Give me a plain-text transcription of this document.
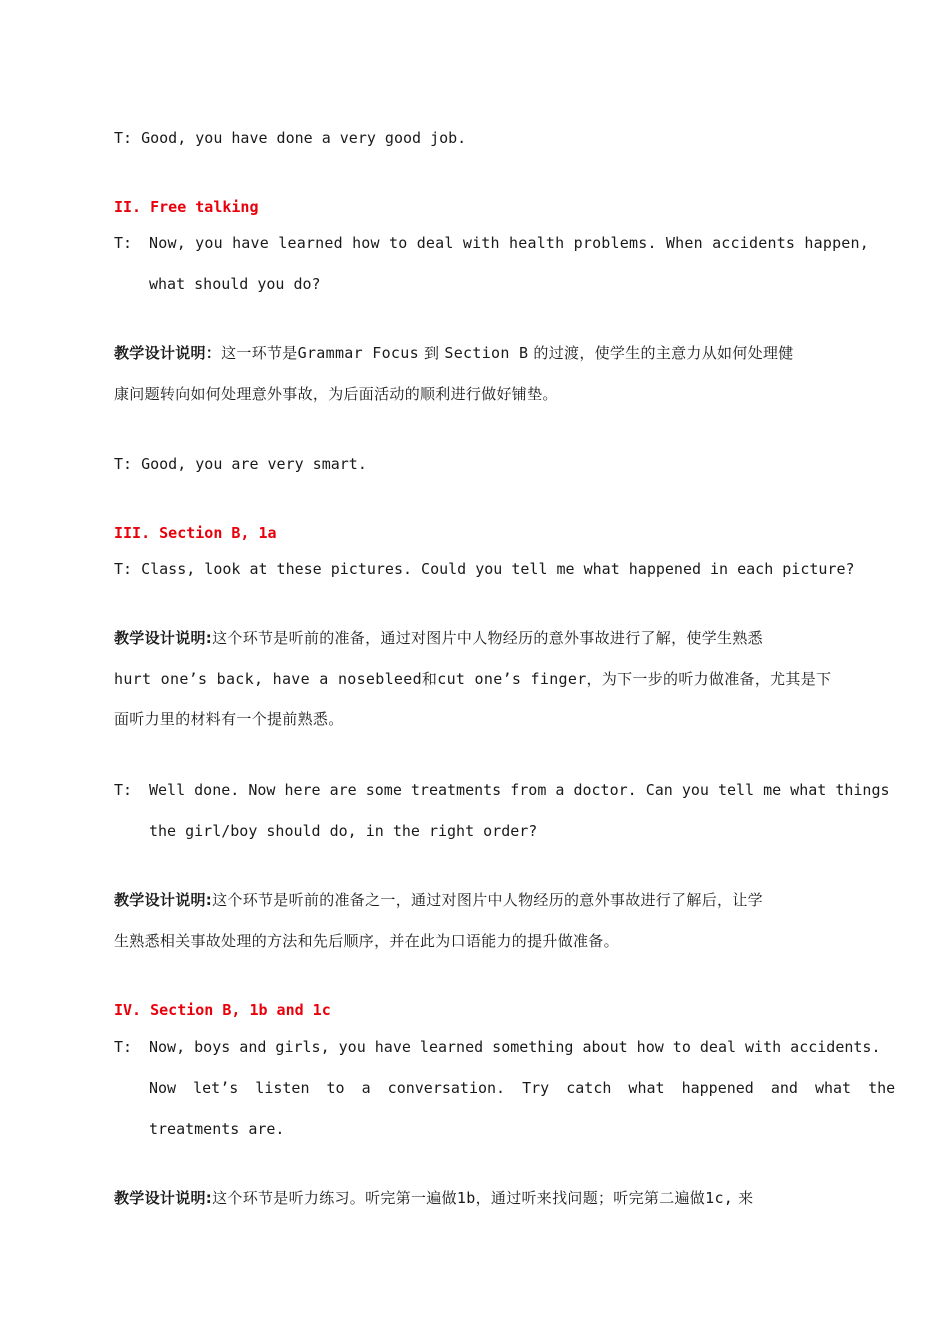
T: Good, you have done a very good job.
II. Free talking
T:	Now, you have learned how to deal with health problems. When accidents happen,
what should you do?
教学设计说明：这一环节是Grammar Focus 到 Section B 的过渡，使学生的主意力从如何处理健
康问题转向如何处理意外事故，为后面活动的顺利进行做好铺垫。
T: Good, you are very smart.
III. Section B, 1a
T: Class, look at these pictures. Could you tell me what happened in each picture?
教学设计说明:这个环节是听前的准备，通过对图片中人物经历的意外事故进行了解，使学生熟悉
hurt one’s back, have a nosebleed和cut one’s finger，为下一步的听力做准备，尤其是下
面听力里的材料有一个提前熟悉。
T:	Well done. Now here are some treatments from a doctor. Can you tell me what things
the girl/boy should do, in the right order?
教学设计说明:这个环节是听前的准备之一，通过对图片中人物经历的意外事故进行了解后，让学
生熟悉相关事故处理的方法和先后顺序，并在此为口语能力的提升做准备。
IV. Section B, 1b and 1c
T:	Now, boys and girls, you have learned something about how to deal with accidents.
Now let’s listen to a conversation. Try catch what happened and what the
treatments are.
教学设计说明:这个环节是听力练习。听完第一遍做1b，通过听来找问题；听完第二遍做1c, 来
